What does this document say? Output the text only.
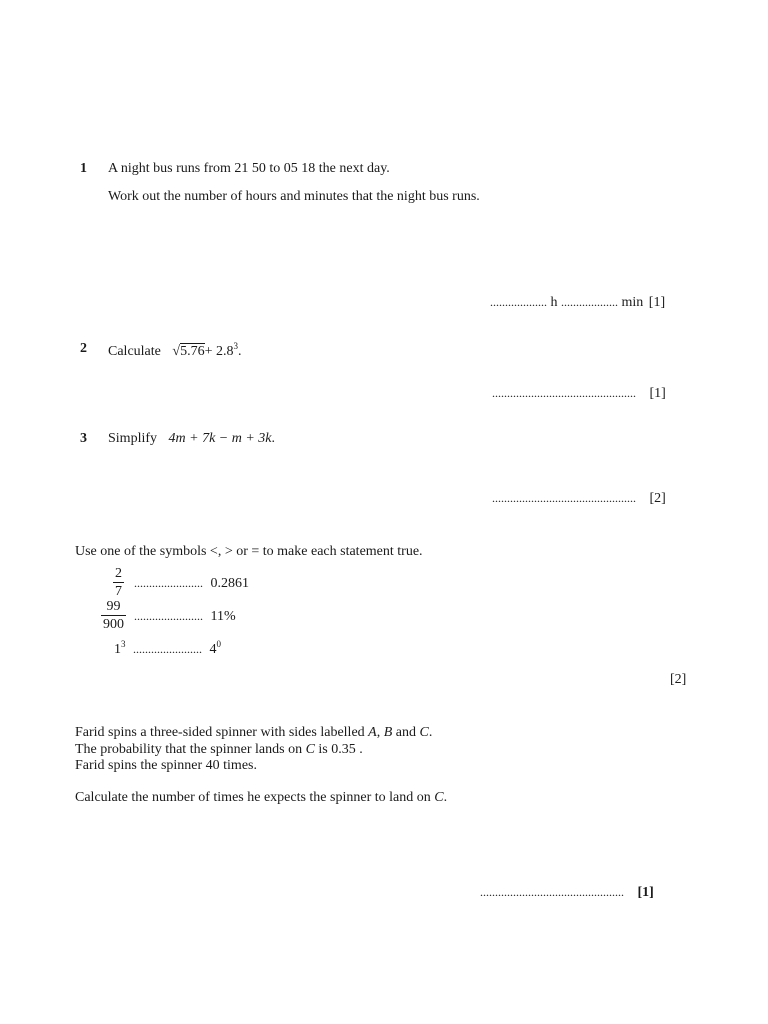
1 A night bus runs from 21 50 to 05 18 the next day.
Work out the number of hours and minutes that the night bus runs.
................... h ................... min [1]
2 Calculate $√5.76+ 2.8^3$.
................................................ [1]
3 Simplify 4m + 7k − m + 3k.
................................................ [2]
Use one of the symbols <, > or = to make each statement true.
$\frac{2}{7}$ ....................... 0.2861
$\frac{99}{900}$ ....................... 11%
$1^3$ ....................... $4^0$
[2]
Farid spins a three-sided spinner with sides labelled A, B and C.
The probability that the spinner lands on C is 0.35 .
Farid spins the spinner 40 times.
Calculate the number of times he expects the spinner to land on C.
................................................ [1]
